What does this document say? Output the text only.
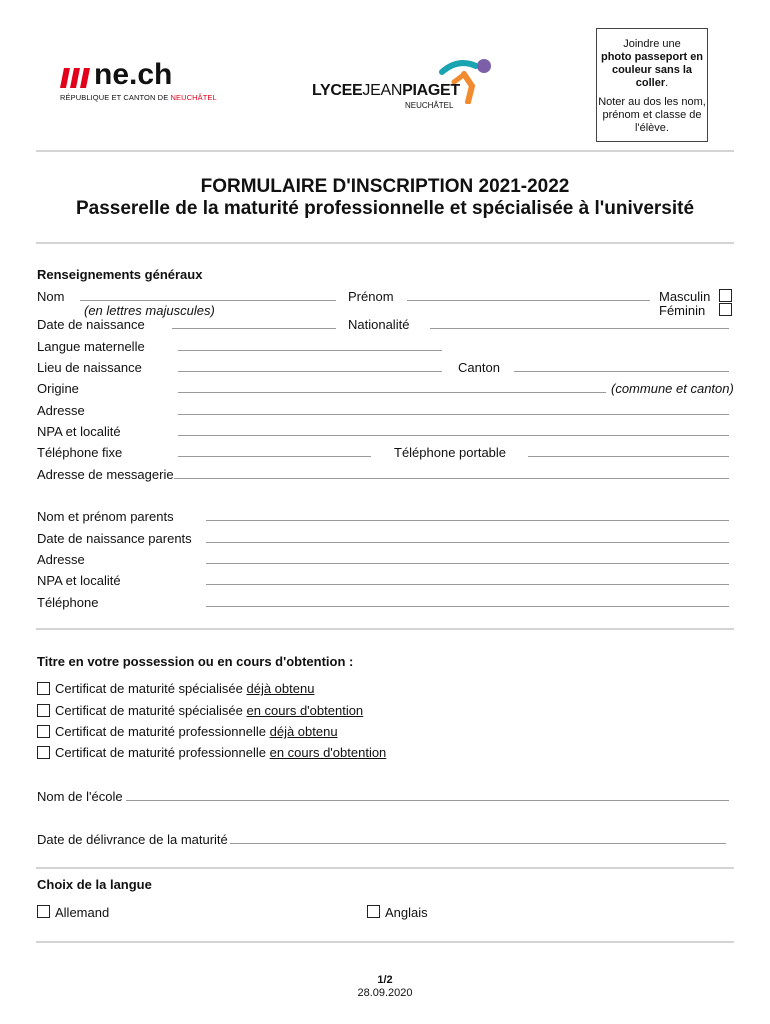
ne.ch
RÉPUBLIQUE ET CANTON DE NEUCHÂTEL	LYCEEJEANPIAGET
NEUCHÂTEL

Joindre une
photo passeport en couleur sans la coller.

Noter au dos les nom, prénom et classe de l'élève.

FORMULAIRE D'INSCRIPTION 2021-2022
Passerelle de la maturité professionnelle et spécialisée à l'université
Renseignements généraux
Nom	Prénom	Masculin
(en lettres majuscules)	Féminin
Date de naissance	Nationalité
Langue maternelle
Lieu de naissance	Canton
Origine	(commune et canton)
Adresse
NPA et localité
Téléphone fixe	Téléphone portable
Adresse de messagerie
Nom et prénom parents
Date de naissance parents
Adresse
NPA et localité
Téléphone
Titre en votre possession ou en cours d'obtention :
Certificat de maturité spécialisée déjà obtenu
Certificat de maturité spécialisée en cours d'obtention
Certificat de maturité professionnelle déjà obtenu
Certificat de maturité professionnelle en cours d'obtention
Nom de l'école
Date de délivrance de la maturité
Choix de la langue
Allemand	Anglais
1/2
28.09.2020
